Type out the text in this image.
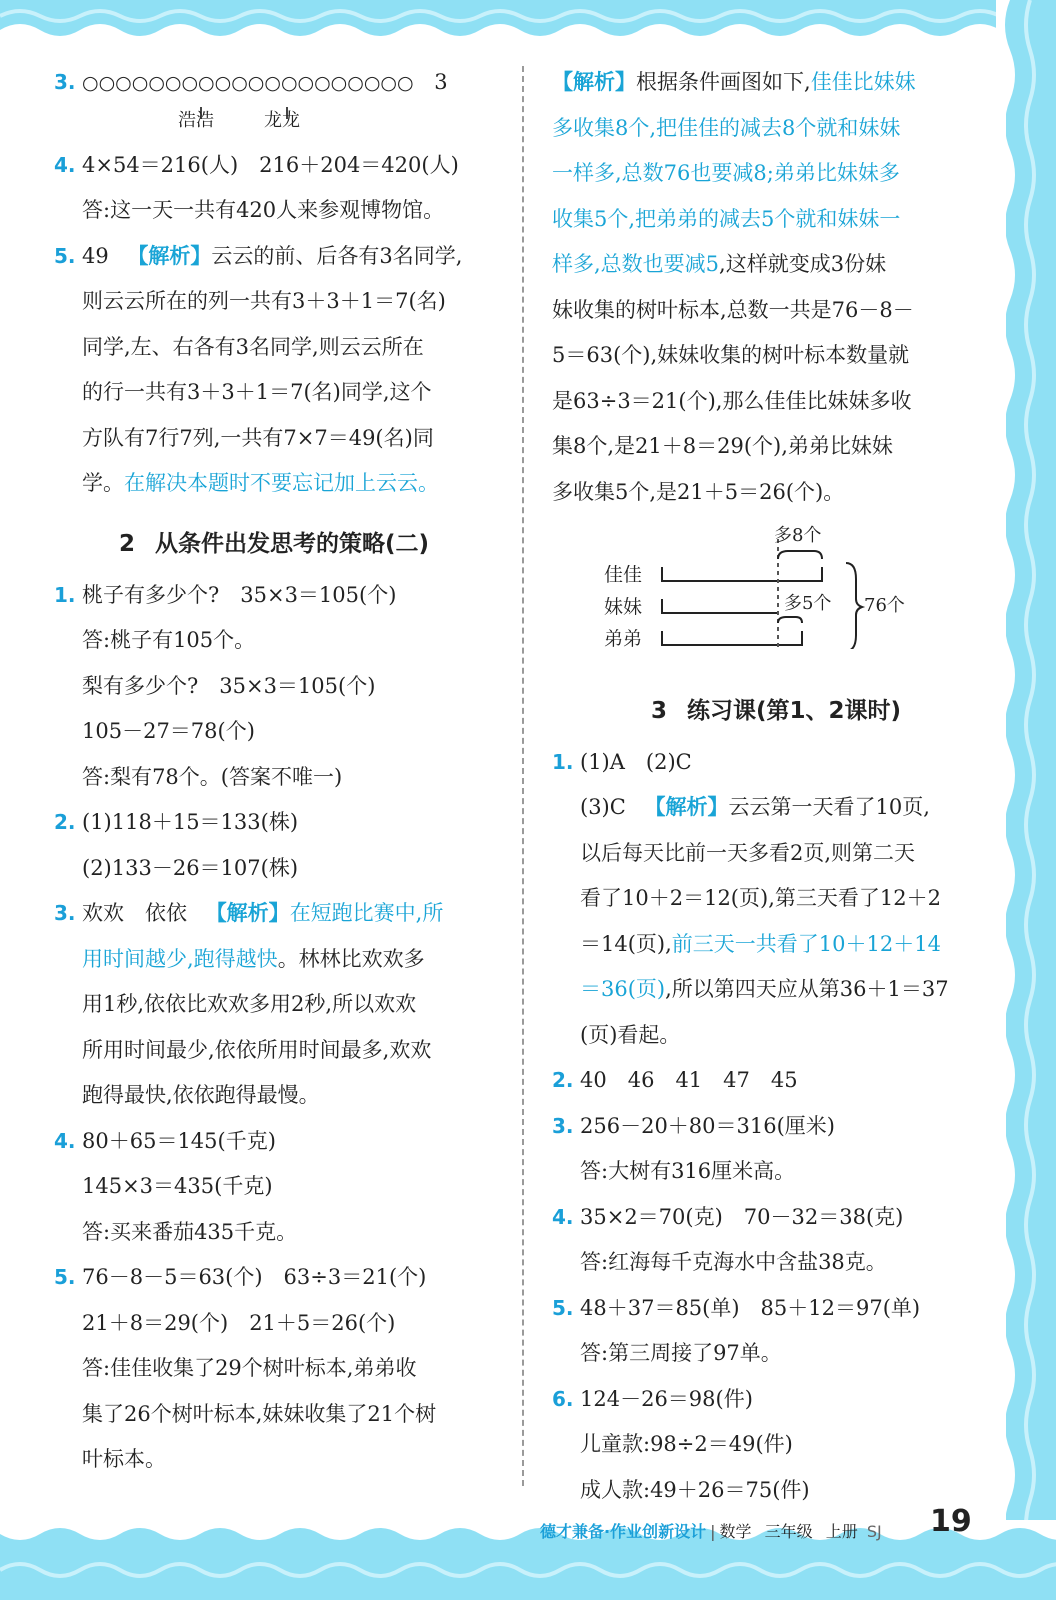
3. ○○○○○○○○○○○○○○○○○○○○ 3
浩浩	龙龙
4. 4×54＝216(人)　216＋204＝420(人)
答:这一天一共有420人来参观博物馆。
5. 49 【解析】云云的前、后各有3名同学,
则云云所在的列一共有3＋3＋1＝7(名)
同学,左、右各有3名同学,则云云所在
的行一共有3＋3＋1＝7(名)同学,这个
方队有7行7列,一共有7×7＝49(名)同
学。在解决本题时不要忘记加上云云。
2 从条件出发思考的策略(二)
1. 桃子有多少个?　35×3＝105(个)
答:桃子有105个。
梨有多少个?　35×3＝105(个)
105－27＝78(个)
答:梨有78个。(答案不唯一)
2. (1)118＋15＝133(株)
(2)133－26＝107(株)
3. 欢欢　依依 【解析】在短跑比赛中,所
用时间越少,跑得越快。林林比欢欢多
用1秒,依依比欢欢多用2秒,所以欢欢
所用时间最少,依依所用时间最多,欢欢
跑得最快,依依跑得最慢。
4. 80＋65＝145(千克)
145×3＝435(千克)
答:买来番茄435千克。
5. 76－8－5＝63(个)　63÷3＝21(个)
21＋8＝29(个)　21＋5＝26(个)
答:佳佳收集了29个树叶标本,弟弟收
集了26个树叶标本,妹妹收集了21个树
叶标本。
【解析】根据条件画图如下,佳佳比妹妹
多收集8个,把佳佳的减去8个就和妹妹
一样多,总数76也要减8;弟弟比妹妹多
收集5个,把弟弟的减去5个就和妹妹一
样多,总数也要减5,这样就变成3份妹
妹收集的树叶标本,总数一共是76－8－
5＝63(个),妹妹收集的树叶标本数量就
是63÷3＝21(个),那么佳佳比妹妹多收
集8个,是21＋8＝29(个),弟弟比妹妹
多收集5个,是21＋5＝26(个)。
佳佳
妹妹
弟弟
多8个
多5个 76个
3 练习课(第1、2课时)
1. (1)A　(2)C
(3)C 【解析】云云第一天看了10页,
以后每天比前一天多看2页,则第二天
看了10＋2＝12(页),第三天看了12＋2
＝14(页),前三天一共看了10＋12＋14
＝36(页),所以第四天应从第36＋1＝37
(页)看起。
2. 40　46　41　47　45
3. 256－20＋80＝316(厘米)
答:大树有316厘米高。
4. 35×2＝70(克)　70－32＝38(克)
答:红海每千克海水中含盐38克。
5. 48＋37＝85(单)　85＋12＝97(单)
答:第三周接了97单。
6. 124－26＝98(件)
儿童款:98÷2＝49(件)
成人款:49＋26＝75(件)
德才兼备·作业创新设计 | 数学 三年级 上册 SJ	19
